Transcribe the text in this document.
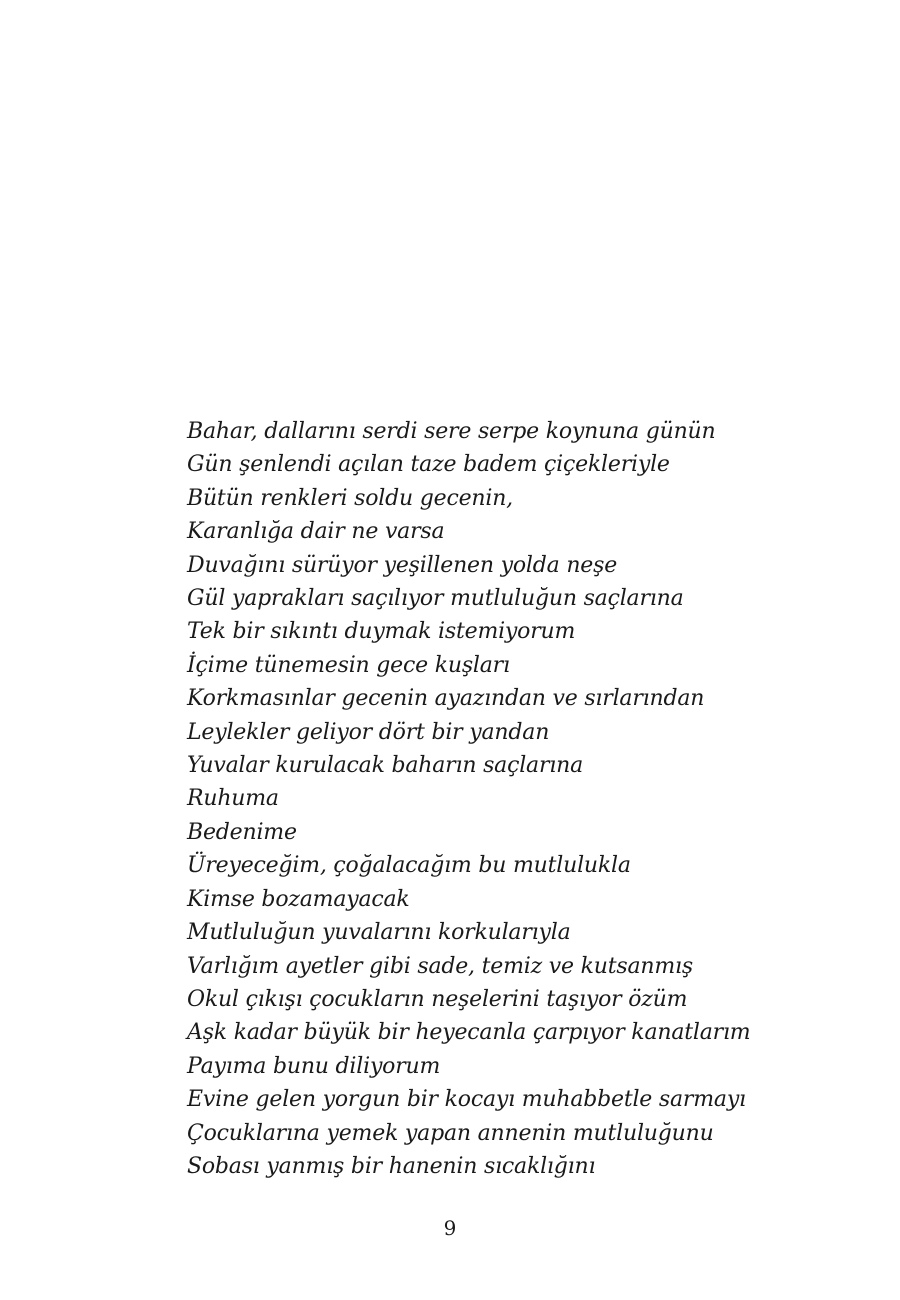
Bahar, dallarını serdi sere serpe koynuna günün
Gün şenlendi açılan taze badem çiçekleriyle
Bütün renkleri soldu gecenin,
Karanlığa dair ne varsa
Duvağını sürüyor yeşillenen yolda neşe
Gül yaprakları saçılıyor mutluluğun saçlarına
Tek bir sıkıntı duymak istemiyorum
İçime tünemesin gece kuşları
Korkmasınlar gecenin ayazından ve sırlarından
Leylekler geliyor dört bir yandan
Yuvalar kurulacak baharın saçlarına
Ruhuma
Bedenime
Üreyeceğim, çoğalacağım bu mutlulukla
Kimse bozamayacak
Mutluluğun yuvalarını korkularıyla
Varlığım ayetler gibi sade, temiz ve kutsanmış
Okul çıkışı çocukların neşelerini taşıyor özüm
Aşk kadar büyük bir heyecanla çarpıyor kanatlarım
Payıma bunu diliyorum
Evine gelen yorgun bir kocayı muhabbetle sarmayı
Çocuklarına yemek yapan annenin mutluluğunu
Sobası yanmış bir hanenin sıcaklığını
9
